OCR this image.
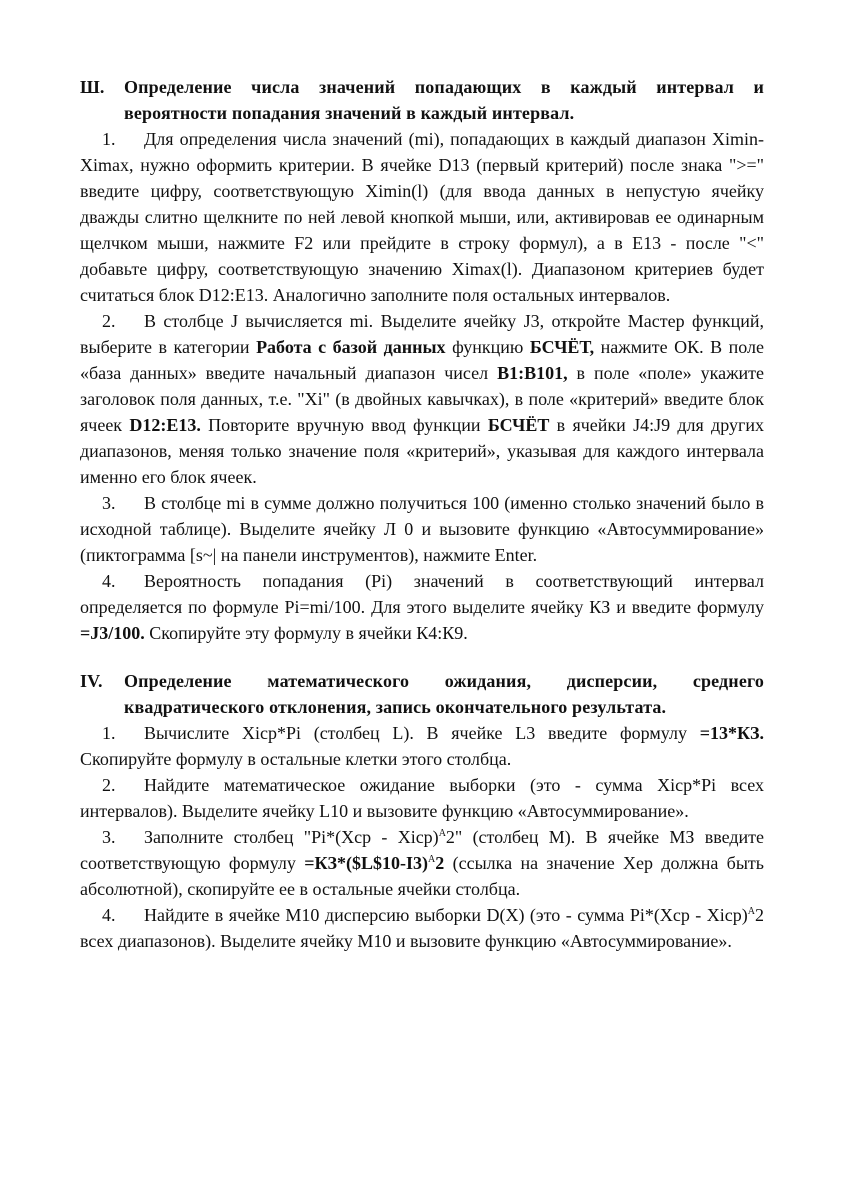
Ш. Определение числа значений попадающих в каждый интервал и вероятности попадания значений в каждый интервал.

1. Для определения числа значений (mi), попадающих в каждый диапазон Ximin-Ximax, нужно оформить критерии. В ячейке D13 (первый критерий) после знака ">=" введите цифру, соответствующую Ximin(l) (для ввода данных в непустую ячейку дважды слитно щелкните по ней левой кнопкой мыши, или, активировав ее одинарным щелчком мыши, нажмите F2 или прейдите в строку формул), а в Е13 - после "<" добавьте цифру, соответствующую значению Ximax(l). Диапазоном критериев будет считаться блок D12:E13. Аналогично заполните поля остальных интервалов.

2. В столбце J вычисляется mi. Выделите ячейку J3, откройте Мастер функций, выберите в категории Работа с базой данных функцию БСЧЁТ, нажмите ОК. В поле «база данных» введите начальный диапазон чисел В1:В101, в поле «поле» укажите заголовок поля данных, т.е. "Xi" (в двойных кавычках), в поле «критерий» введите блок ячеек D12:E13. Повторите вручную ввод функции БСЧЁТ в ячейки J4:J9 для других диапазонов, меняя только значение поля «критерий», указывая для каждого интервала именно его блок ячеек.

3. В столбце mi в сумме должно получиться 100 (именно столько значений было в исходной таблице). Выделите ячейку Л 0 и вызовите функцию «Автосуммирование» (пиктограмма [s~| на панели инструментов), нажмите Enter.

4. Вероятность попадания (Pi) значений в соответствующий интервал определяется по формуле Pi=mi/100. Для этого выделите ячейку КЗ и введите формулу =J3/100. Скопируйте эту формулу в ячейки К4:К9.

IV. Определение математического ожидания, дисперсии, среднего квадратического отклонения, запись окончательного результата.

1. Вычислите Xicp*Pi (столбец L). В ячейке L3 введите формулу =13*КЗ. Скопируйте формулу в остальные клетки этого столбца.

2. Найдите математическое ожидание выборки (это - сумма Xicp*Pi всех интервалов). Выделите ячейку L10 и вызовите функцию «Автосуммирование».

3. Заполните столбец "Pi*(Xcp - Xicp)$^A$2" (столбец М). В ячейке МЗ введите соответствующую формулу =КЗ*($L$10-I3)$^A$2 (ссылка на значение Хер должна быть абсолютной), скопируйте ее в остальные ячейки столбца.

4. Найдите в ячейке М10 дисперсию выборки D(X) (это - сумма Pi*(Xcp - Xicp)$^A$2 всех диапазонов). Выделите ячейку М10 и вызовите функцию «Автосуммирование».
